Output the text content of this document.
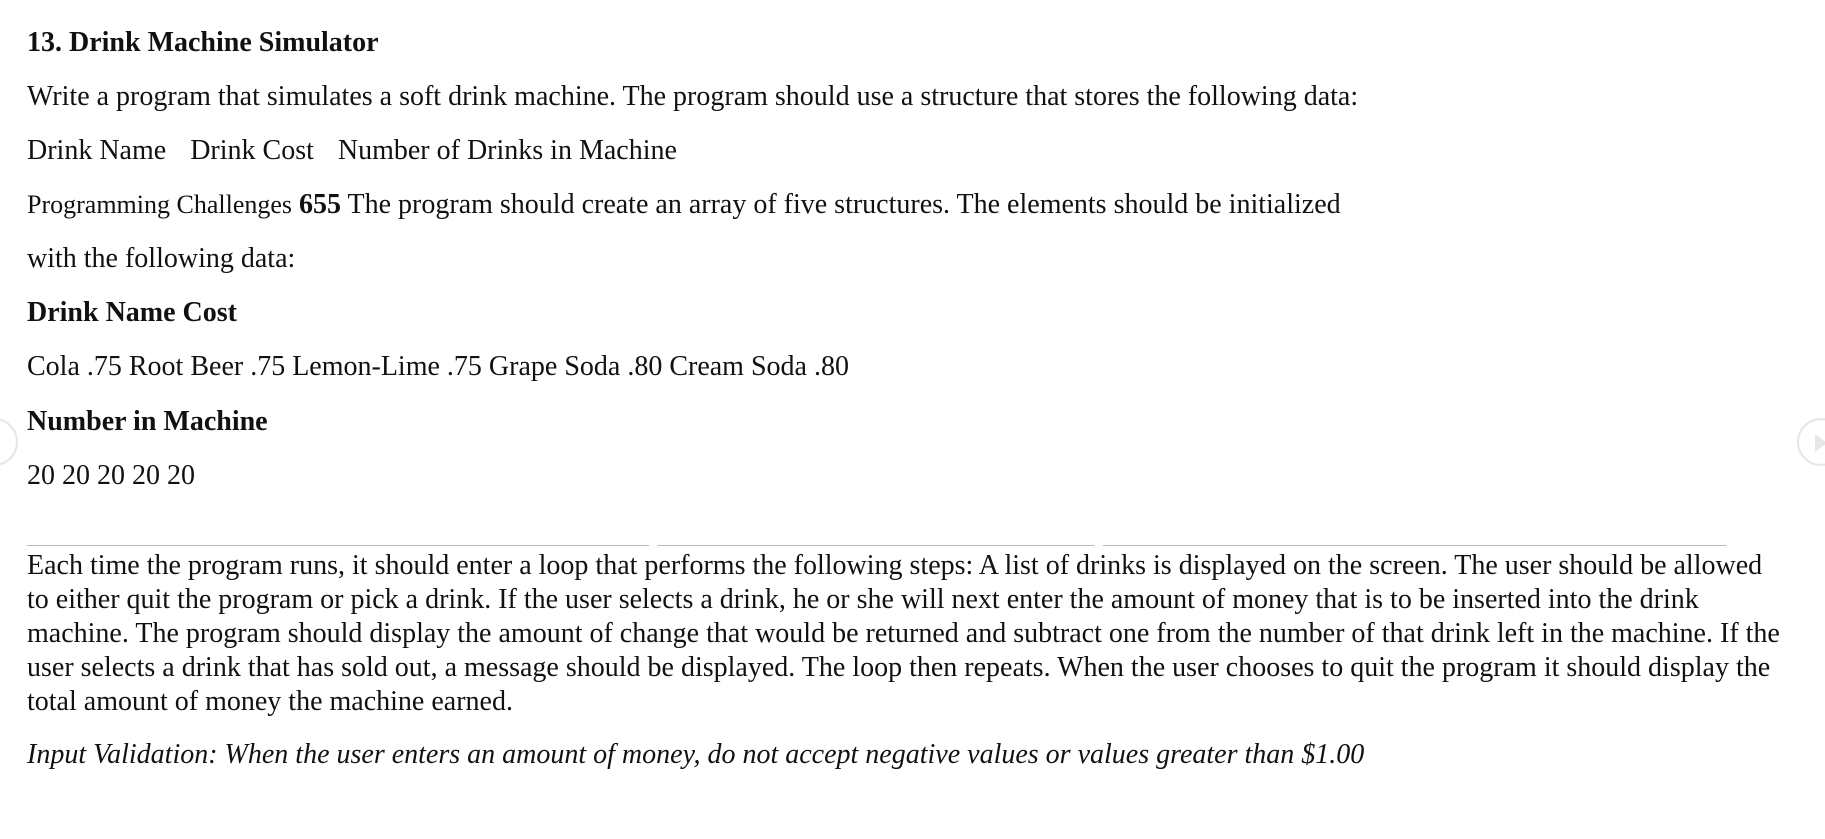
13. Drink Machine Simulator
Write a program that simulates a soft drink machine. The program should use a structure that stores the following data:
Drink Name Drink Cost Number of Drinks in Machine
Programming Challenges 655 The program should create an array of five structures. The elements should be initialized
with the following data:
Drink Name Cost
Cola .75 Root Beer .75 Lemon-Lime .75 Grape Soda .80 Cream Soda .80
Number in Machine
20 20 20 20 20
Each time the program runs, it should enter a loop that performs the following steps: A list of drinks is displayed on the screen. The user should be allowed to either quit the program or pick a drink. If the user selects a drink, he or she will next enter the amount of money that is to be inserted into the drink machine. The program should display the amount of change that would be returned and subtract one from the number of that drink left in the machine. If the user selects a drink that has sold out, a message should be displayed. The loop then repeats. When the user chooses to quit the program it should display the total amount of money the machine earned.
Input Validation: When the user enters an amount of money, do not accept negative values or values greater than $1.00
